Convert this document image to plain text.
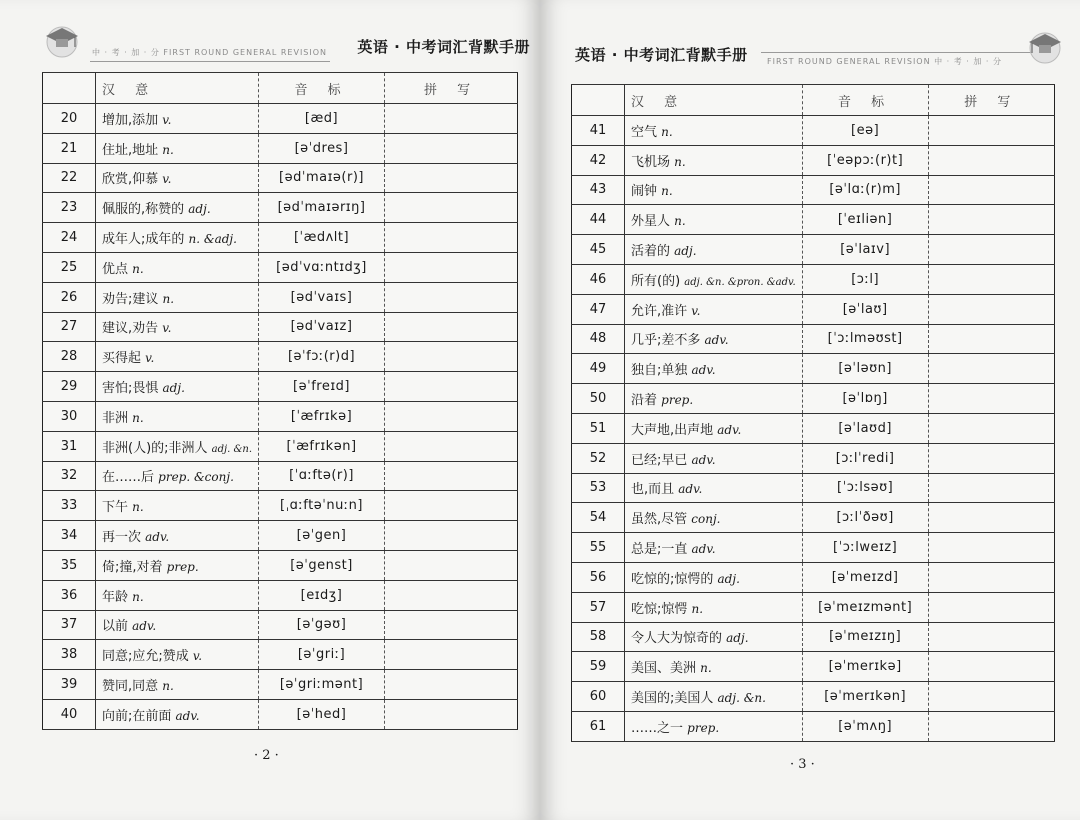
中 · 考 · 加 · 分 FIRST ROUND GENERAL REVISION 英语 · 中考词汇背默手册
	汉 意	音 标	拼 写
20	增加,添加 v.	[æd]	
21	住址,地址 n.	[əˈdres]	
22	欣赏,仰慕 v.	[ədˈmaɪə(r)]	
23	佩服的,称赞的 adj.	[ədˈmaɪərɪŋ]	
24	成年人;成年的 n. &adj.	[ˈædʌlt]	
25	优点 n.	[ədˈvɑːntɪdʒ]	
26	劝告;建议 n.	[ədˈvaɪs]	
27	建议,劝告 v.	[ədˈvaɪz]	
28	买得起 v.	[əˈfɔː(r)d]	
29	害怕;畏惧 adj.	[əˈfreɪd]	
30	非洲 n.	[ˈæfrɪkə]	
31	非洲(人)的;非洲人 adj. &n.	[ˈæfrɪkən]	
32	在……后 prep. &conj.	[ˈɑːftə(r)]	
33	下午 n.	[ˌɑːftəˈnuːn]	
34	再一次 adv.	[əˈgen]	
35	倚;撞,对着 prep.	[əˈgenst]	
36	年龄 n.	[eɪdʒ]	
37	以前 adv.	[əˈgəʊ]	
38	同意;应允;赞成 v.	[əˈgriː]	
39	赞同,同意 n.	[əˈgriːmənt]	
40	向前;在前面 adv.	[əˈhed]	
· 2 ·
英语 · 中考词汇背默手册 FIRST ROUND GENERAL REVISION 中 · 考 · 加 · 分
	汉 意	音 标	拼 写
41	空气 n.	[eə]	
42	飞机场 n.	[ˈeəpɔː(r)t]	
43	闹钟 n.	[əˈlɑː(r)m]	
44	外星人 n.	[ˈeɪliən]	
45	活着的 adj.	[əˈlaɪv]	
46	所有(的) adj. &n. &pron. &adv.	[ɔːl]	
47	允许,准许 v.	[əˈlaʊ]	
48	几乎;差不多 adv.	[ˈɔːlməʊst]	
49	独自;单独 adv.	[əˈləʊn]	
50	沿着 prep.	[əˈlɒŋ]	
51	大声地,出声地 adv.	[əˈlaʊd]	
52	已经;早已 adv.	[ɔːlˈredi]	
53	也,而且 adv.	[ˈɔːlsəʊ]	
54	虽然,尽管 conj.	[ɔːlˈðəʊ]	
55	总是;一直 adv.	[ˈɔːlweɪz]	
56	吃惊的;惊愕的 adj.	[əˈmeɪzd]	
57	吃惊;惊愕 n.	[əˈmeɪzmənt]	
58	令人大为惊奇的 adj.	[əˈmeɪzɪŋ]	
59	美国、美洲 n.	[əˈmerɪkə]	
60	美国的;美国人 adj. &n.	[əˈmerɪkən]	
61	……之一 prep.	[əˈmʌŋ]	
· 3 ·
